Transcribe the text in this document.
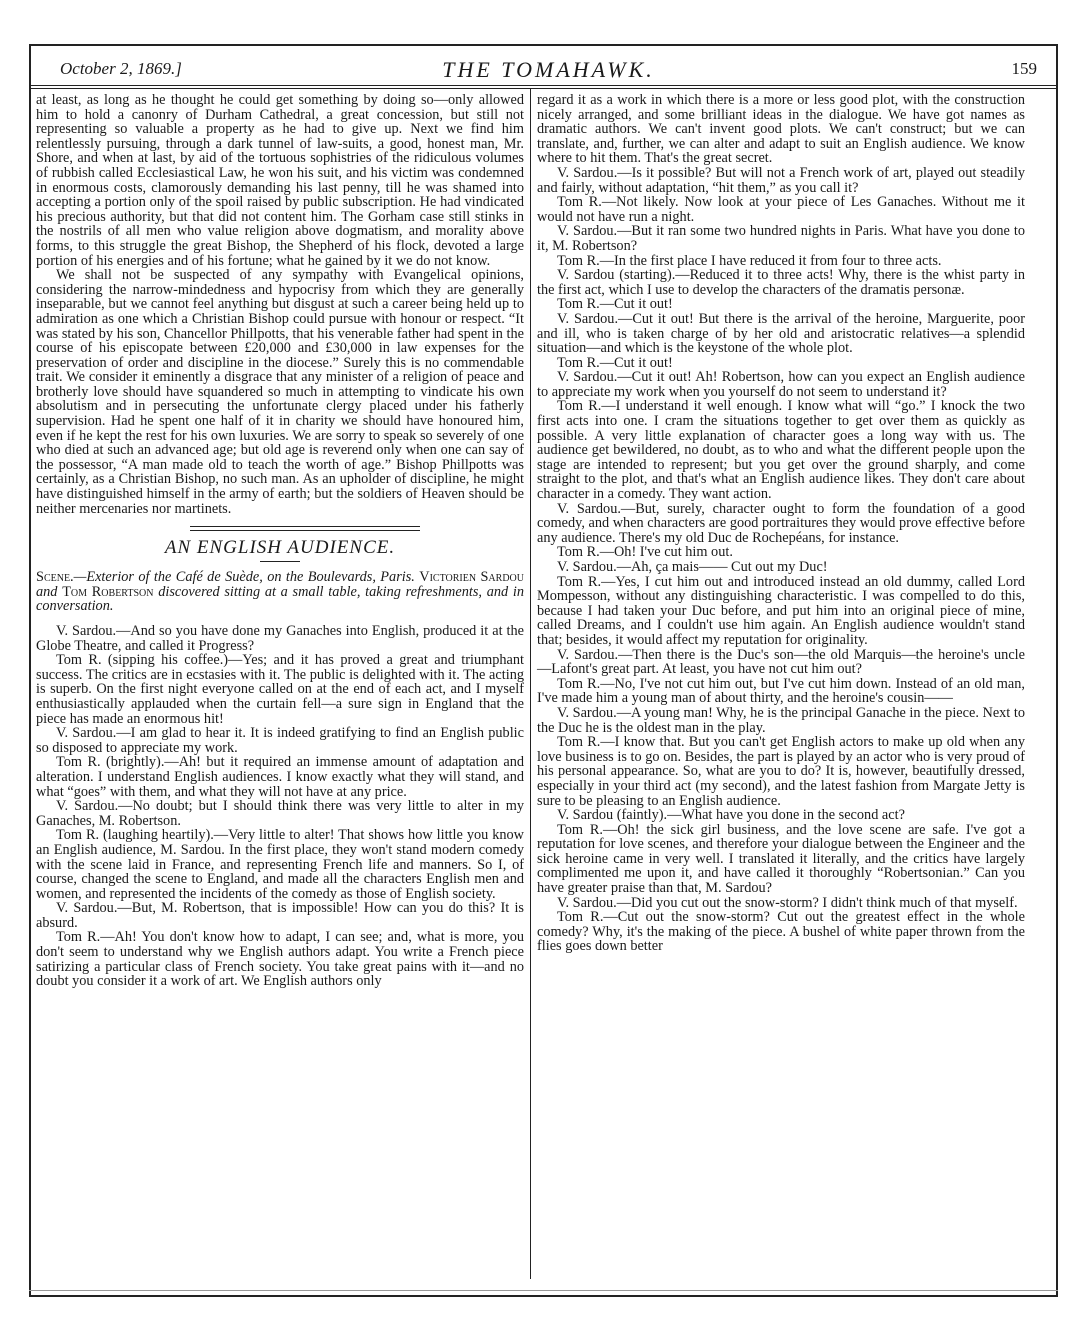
October 2, 1869.]	THE TOMAHAWK.	159

at least, as long as he thought he could get something by doing so—only allowed him to hold a canonry of Durham Cathedral, a great concession, but still not representing so valuable a property as he had to give up. Next we find him relentlessly pursuing, through a dark tunnel of law-suits, a good, honest man, Mr. Shore, and when at last, by aid of the tortuous sophistries of the ridiculous volumes of rubbish called Ecclesiastical Law, he won his suit, and his victim was condemned in enormous costs, clamorously demanding his last penny, till he was shamed into accepting a portion only of the spoil raised by public subscription. He had vindicated his precious authority, but that did not content him. The Gorham case still stinks in the nostrils of all men who value religion above dogmatism, and morality above forms, to this struggle the great Bishop, the Shepherd of his flock, devoted a large portion of his energies and of his fortune; what he gained by it we do not know.

We shall not be suspected of any sympathy with Evangelical opinions, considering the narrow-mindedness and hypocrisy from which they are generally inseparable, but we cannot feel anything but disgust at such a career being held up to admiration as one which a Christian Bishop could pursue with honour or respect. “It was stated by his son, Chancellor Phillpotts, that his venerable father had spent in the course of his episcopate between £20,000 and £30,000 in law expenses for the preservation of order and discipline in the diocese.” Surely this is no commendable trait. We consider it eminently a disgrace that any minister of a religion of peace and brotherly love should have squandered so much in attempting to vindicate his own absolutism and in persecuting the unfortunate clergy placed under his fatherly supervision. Had he spent one half of it in charity we should have honoured him, even if he kept the rest for his own luxuries. We are sorry to speak so severely of one who died at such an advanced age; but old age is reverend only when one can say of the possessor, “A man made old to teach the worth of age.” Bishop Phillpotts was certainly, as a Christian Bishop, no such man. As an upholder of discipline, he might have distinguished himself in the army of earth; but the soldiers of Heaven should be neither mercenaries nor martinets.

AN ENGLISH AUDIENCE.

Scene.—Exterior of the Café de Suède, on the Boulevards, Paris. Victorien Sardou and Tom Robertson discovered sitting at a small table, taking refreshments, and in conversation.

V. Sardou.—And so you have done my Ganaches into English, produced it at the Globe Theatre, and called it Progress?

Tom R. (sipping his coffee.)—Yes; and it has proved a great and triumphant success. The critics are in ecstasies with it. The public is delighted with it. The acting is superb. On the first night everyone called on at the end of each act, and I myself enthusiastically applauded when the curtain fell—a sure sign in England that the piece has made an enormous hit!

V. Sardou.—I am glad to hear it. It is indeed gratifying to find an English public so disposed to appreciate my work.

Tom R. (brightly).—Ah! but it required an immense amount of adaptation and alteration. I understand English audiences. I know exactly what they will stand, and what “goes” with them, and what they will not have at any price.

V. Sardou.—No doubt; but I should think there was very little to alter in my Ganaches, M. Robertson.

Tom R. (laughing heartily).—Very little to alter! That shows how little you know an English audience, M. Sardou. In the first place, they won't stand modern comedy with the scene laid in France, and representing French life and manners. So I, of course, changed the scene to England, and made all the characters English men and women, and represented the incidents of the comedy as those of English society.

V. Sardou.—But, M. Robertson, that is impossible! How can you do this? It is absurd.

Tom R.—Ah! You don't know how to adapt, I can see; and, what is more, you don't seem to understand why we English authors adapt. You write a French piece satirizing a particular class of French society. You take great pains with it—and no doubt you consider it a work of art. We English authors only

regard it as a work in which there is a more or less good plot, with the construction nicely arranged, and some brilliant ideas in the dialogue. We have got names as dramatic authors. We can't invent good plots. We can't construct; but we can translate, and, further, we can alter and adapt to suit an English audience. We know where to hit them. That's the great secret.

V. Sardou.—Is it possible? But will not a French work of art, played out steadily and fairly, without adaptation, “hit them,” as you call it?

Tom R.—Not likely. Now look at your piece of Les Ganaches. Without me it would not have run a night.

V. Sardou.—But it ran some two hundred nights in Paris. What have you done to it, M. Robertson?

Tom R.—In the first place I have reduced it from four to three acts.

V. Sardou (starting).—Reduced it to three acts! Why, there is the whist party in the first act, which I use to develop the characters of the dramatis personæ.

Tom R.—Cut it out!

V. Sardou.—Cut it out! But there is the arrival of the heroine, Marguerite, poor and ill, who is taken charge of by her old and aristocratic relatives—a splendid situation—and which is the keystone of the whole plot.

Tom R.—Cut it out!

V. Sardou.—Cut it out! Ah! Robertson, how can you expect an English audience to appreciate my work when you yourself do not seem to understand it?

Tom R.—I understand it well enough. I know what will “go.” I knock the two first acts into one. I cram the situations together to get over them as quickly as possible. A very little explanation of character goes a long way with us. The audience get bewildered, no doubt, as to who and what the different people upon the stage are intended to represent; but you get over the ground sharply, and come straight to the plot, and that's what an English audience likes. They don't care about character in a comedy. They want action.

V. Sardou.—But, surely, character ought to form the foundation of a good comedy, and when characters are good portraitures they would prove effective before any audience. There's my old Duc de Rochepéans, for instance.

Tom R.—Oh! I've cut him out.

V. Sardou.—Ah, ça mais—— Cut out my Duc!

Tom R.—Yes, I cut him out and introduced instead an old dummy, called Lord Mompesson, without any distinguishing characteristic. I was compelled to do this, because I had taken your Duc before, and put him into an original piece of mine, called Dreams, and I couldn't use him again. An English audience wouldn't stand that; besides, it would affect my reputation for originality.

V. Sardou.—Then there is the Duc's son—the old Marquis—the heroine's uncle—Lafont's great part. At least, you have not cut him out?

Tom R.—No, I've not cut him out, but I've cut him down. Instead of an old man, I've made him a young man of about thirty, and the heroine's cousin——

V. Sardou.—A young man! Why, he is the principal Ganache in the piece. Next to the Duc he is the oldest man in the play.

Tom R.—I know that. But you can't get English actors to make up old when any love business is to go on. Besides, the part is played by an actor who is very proud of his personal appearance. So, what are you to do? It is, however, beautifully dressed, especially in your third act (my second), and the latest fashion from Margate Jetty is sure to be pleasing to an English audience.

V. Sardou (faintly).—What have you done in the second act?

Tom R.—Oh! the sick girl business, and the love scene are safe. I've got a reputation for love scenes, and therefore your dialogue between the Engineer and the sick heroine came in very well. I translated it literally, and the critics have largely complimented me upon it, and have called it thoroughly “Robertsonian.” Can you have greater praise than that, M. Sardou?

V. Sardou.—Did you cut out the snow-storm? I didn't think much of that myself.

Tom R.—Cut out the snow-storm? Cut out the greatest effect in the whole comedy? Why, it's the making of the piece. A bushel of white paper thrown from the flies goes down better
